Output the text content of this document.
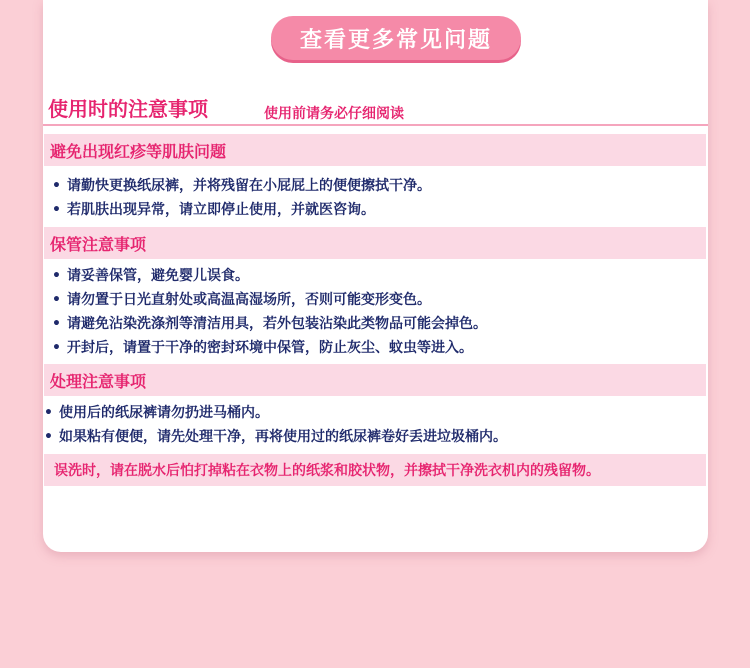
查看更多常见问题
使用时的注意事项	使用前请务必仔细阅读
避免出现红疹等肌肤问题
• 请勤快更换纸尿裤，并将残留在小屁屁上的便便擦拭干净。
• 若肌肤出现异常，请立即停止使用，并就医咨询。
保管注意事项
• 请妥善保管，避免婴儿误食。
• 请勿置于日光直射处或高温高湿场所，否则可能变形变色。
• 请避免沾染洗涤剂等清洁用具，若外包装沾染此类物品可能会掉色。
• 开封后，请置于干净的密封环境中保管，防止灰尘、蚊虫等进入。
处理注意事项
• 使用后的纸尿裤请勿扔进马桶内。
• 如果粘有便便，请先处理干净，再将使用过的纸尿裤卷好丢进垃圾桶内。
误洗时，请在脱水后怕打掉粘在衣物上的纸浆和胶状物，并擦拭干净洗衣机内的残留物。
